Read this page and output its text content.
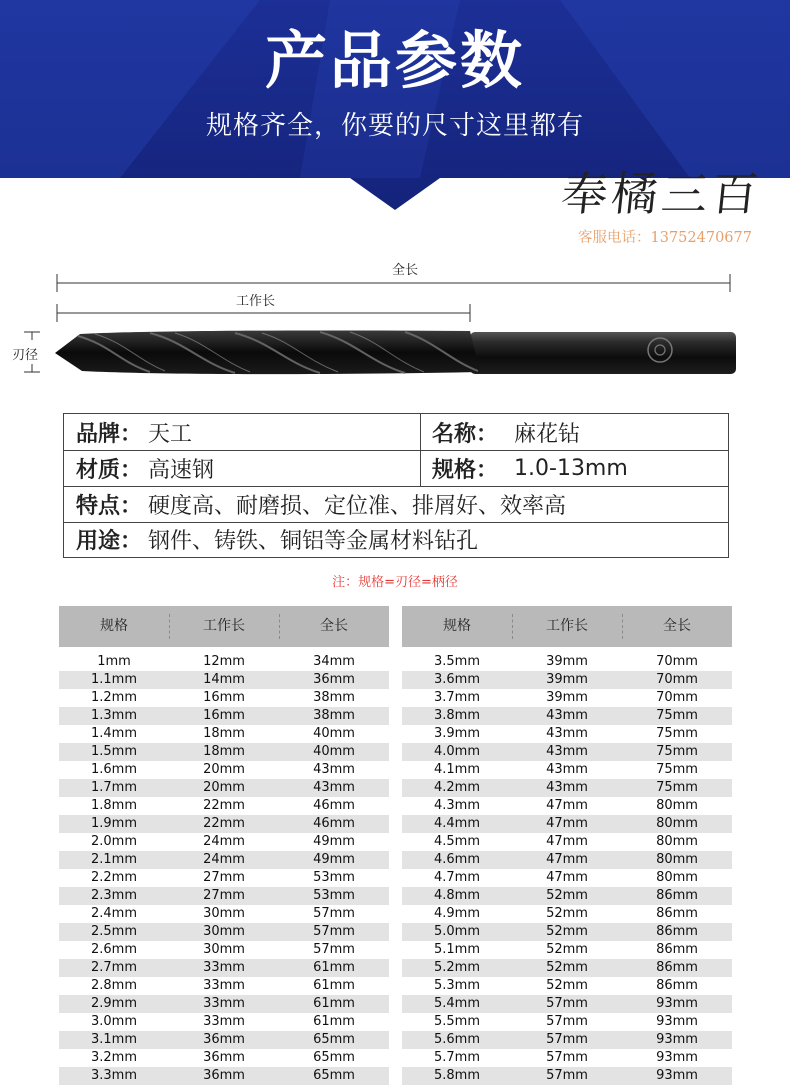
产品参数
规格齐全，你要的尺寸这里都有
奉橘三百
客服电话：13752470677
全长
工作长
刃径
品牌： 天工	名称： 麻花钻
材质： 高速钢	规格： 1.0-13mm
特点： 硬度高、耐磨损、定位准、排屑好、效率高
用途： 钢件、铸铁、铜铝等金属材料钻孔
注：规格=刃径=柄径
规格	工作长	全长
1mm	12mm	34mm
1.1mm	14mm	36mm
1.2mm	16mm	38mm
1.3mm	16mm	38mm
1.4mm	18mm	40mm
1.5mm	18mm	40mm
1.6mm	20mm	43mm
1.7mm	20mm	43mm
1.8mm	22mm	46mm
1.9mm	22mm	46mm
2.0mm	24mm	49mm
2.1mm	24mm	49mm
2.2mm	27mm	53mm
2.3mm	27mm	53mm
2.4mm	30mm	57mm
2.5mm	30mm	57mm
2.6mm	30mm	57mm
2.7mm	33mm	61mm
2.8mm	33mm	61mm
2.9mm	33mm	61mm
3.0mm	33mm	61mm
3.1mm	36mm	65mm
3.2mm	36mm	65mm
3.3mm	36mm	65mm
规格	工作长	全长
3.5mm	39mm	70mm
3.6mm	39mm	70mm
3.7mm	39mm	70mm
3.8mm	43mm	75mm
3.9mm	43mm	75mm
4.0mm	43mm	75mm
4.1mm	43mm	75mm
4.2mm	43mm	75mm
4.3mm	47mm	80mm
4.4mm	47mm	80mm
4.5mm	47mm	80mm
4.6mm	47mm	80mm
4.7mm	47mm	80mm
4.8mm	52mm	86mm
4.9mm	52mm	86mm
5.0mm	52mm	86mm
5.1mm	52mm	86mm
5.2mm	52mm	86mm
5.3mm	52mm	86mm
5.4mm	57mm	93mm
5.5mm	57mm	93mm
5.6mm	57mm	93mm
5.7mm	57mm	93mm
5.8mm	57mm	93mm
